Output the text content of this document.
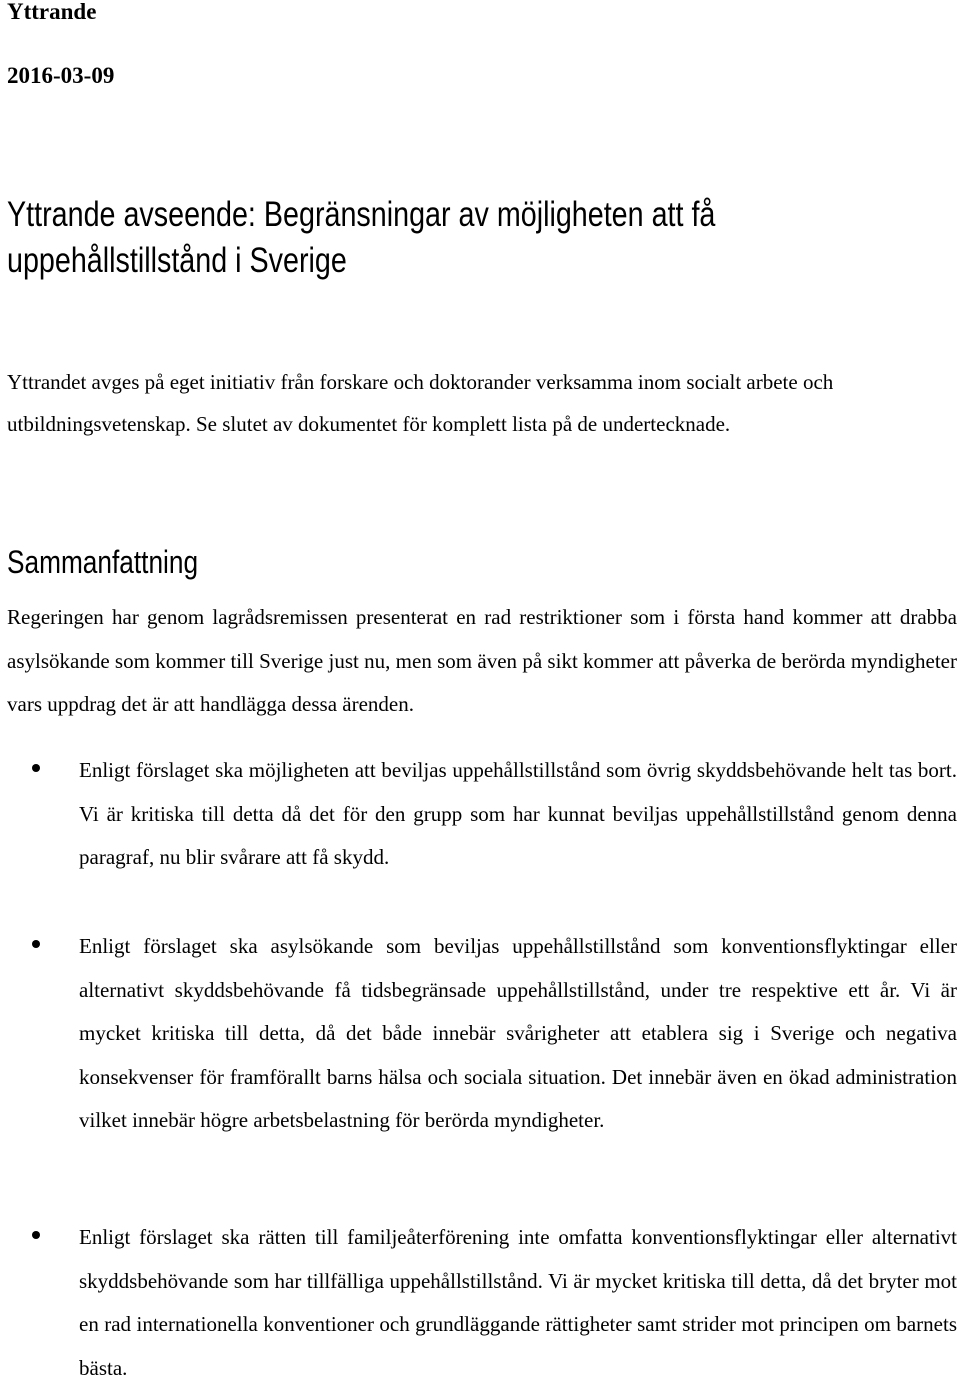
Yttrande

2016-03-09

Yttrande avseende: Begränsningar av möjligheten att få uppehållstillstånd i Sverige

Yttrandet avges på eget initiativ från forskare och doktorander verksamma inom socialt arbete och utbildningsvetenskap. Se slutet av dokumentet för komplett lista på de undertecknade.

Sammanfattning

Regeringen har genom lagrådsremissen presenterat en rad restriktioner som i första hand kommer att drabba asylsökande som kommer till Sverige just nu, men som även på sikt kommer att påverka de berörda myndigheter vars uppdrag det är att handlägga dessa ärenden.

Enligt förslaget ska möjligheten att beviljas uppehållstillstånd som övrig skyddsbehövande helt tas bort. Vi är kritiska till detta då det för den grupp som har kunnat beviljas uppehållstillstånd genom denna paragraf, nu blir svårare att få skydd.

Enligt förslaget ska asylsökande som beviljas uppehållstillstånd som konventionsflyktingar eller alternativt skyddsbehövande få tidsbegränsade uppehållstillstånd, under tre respektive ett år. Vi är mycket kritiska till detta, då det både innebär svårigheter att etablera sig i Sverige och negativa konsekvenser för framförallt barns hälsa och sociala situation. Det innebär även en ökad administration vilket innebär högre arbetsbelastning för berörda myndigheter.

Enligt förslaget ska rätten till familjeåterförening inte omfatta konventionsflyktingar eller alternativt skyddsbehövande som har tillfälliga uppehållstillstånd. Vi är mycket kritiska till detta, då det bryter mot en rad internationella konventioner och grundläggande rättigheter samt strider mot principen om barnets bästa.
